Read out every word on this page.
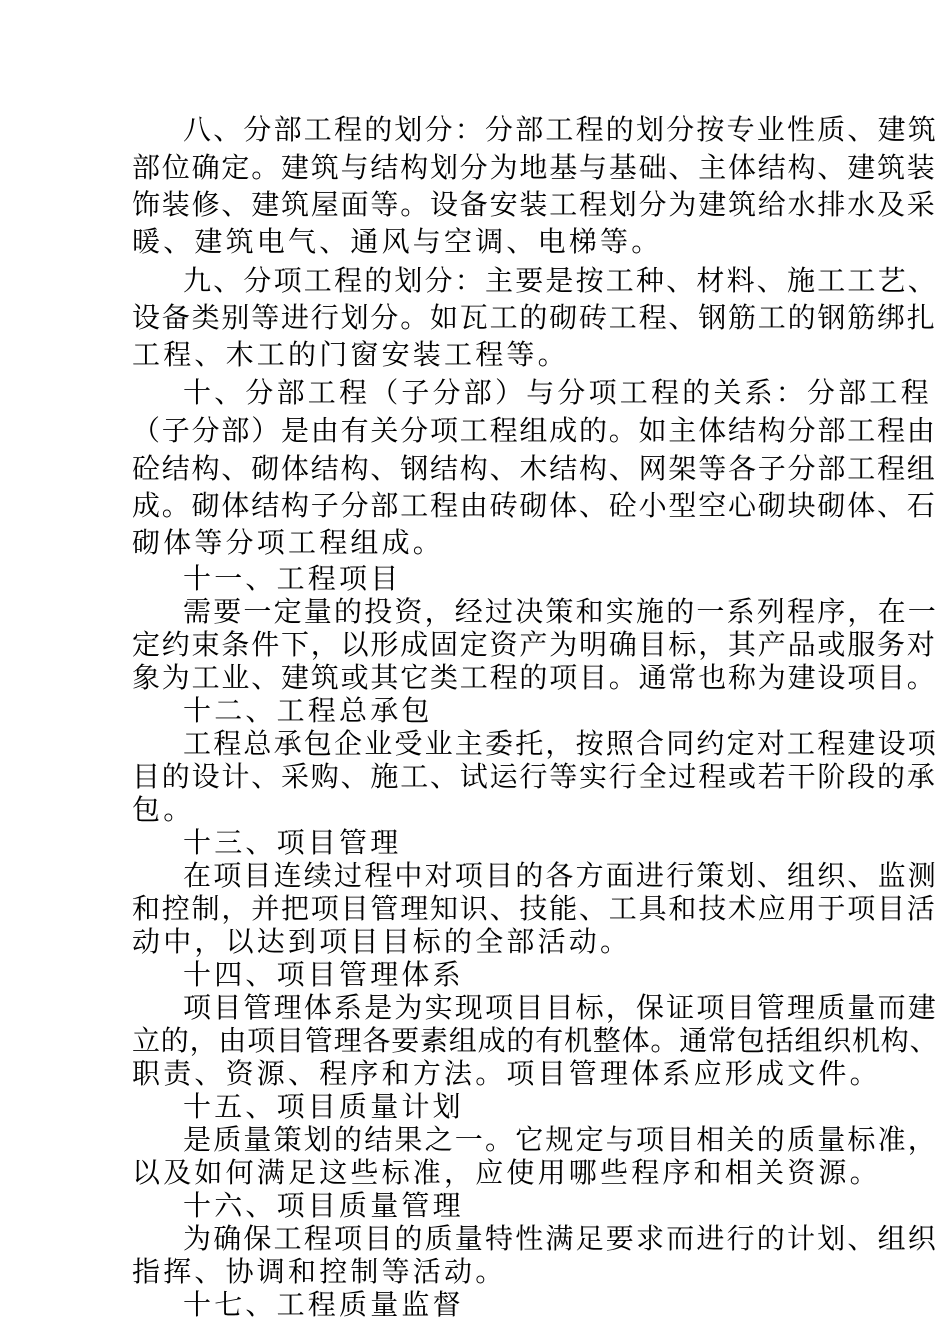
八、分部工程的划分：分部工程的划分按专业性质、建筑
部位确定。建筑与结构划分为地基与基础、主体结构、建筑装
饰装修、建筑屋面等。设备安装工程划分为建筑给水排水及采
暖、建筑电气、通风与空调、电梯等。
九、分项工程的划分：主要是按工种、材料、施工工艺、
设备类别等进行划分。如瓦工的砌砖工程、钢筋工的钢筋绑扎
工程、木工的门窗安装工程等。
十、分部工程（子分部）与分项工程的关系：分部工程
（子分部）是由有关分项工程组成的。如主体结构分部工程由
砼结构、砌体结构、钢结构、木结构、网架等各子分部工程组
成。砌体结构子分部工程由砖砌体、砼小型空心砌块砌体、石
砌体等分项工程组成。
十一、工程项目
需要一定量的投资，经过决策和实施的一系列程序，在一
定约束条件下，以形成固定资产为明确目标，其产品或服务对
象为工业、建筑或其它类工程的项目。通常也称为建设项目。
十二、工程总承包
工程总承包企业受业主委托，按照合同约定对工程建设项
目的设计、采购、施工、试运行等实行全过程或若干阶段的承
包。
十三、项目管理
在项目连续过程中对项目的各方面进行策划、组织、监测
和控制，并把项目管理知识、技能、工具和技术应用于项目活
动中，以达到项目目标的全部活动。
十四、项目管理体系
项目管理体系是为实现项目目标，保证项目管理质量而建
立的，由项目管理各要素组成的有机整体。通常包括组织机构、
职责、资源、程序和方法。项目管理体系应形成文件。
十五、项目质量计划
是质量策划的结果之一。它规定与项目相关的质量标准，
以及如何满足这些标准，应使用哪些程序和相关资源。
十六、项目质量管理
为确保工程项目的质量特性满足要求而进行的计划、组织
指挥、协调和控制等活动。
十七、工程质量监督
